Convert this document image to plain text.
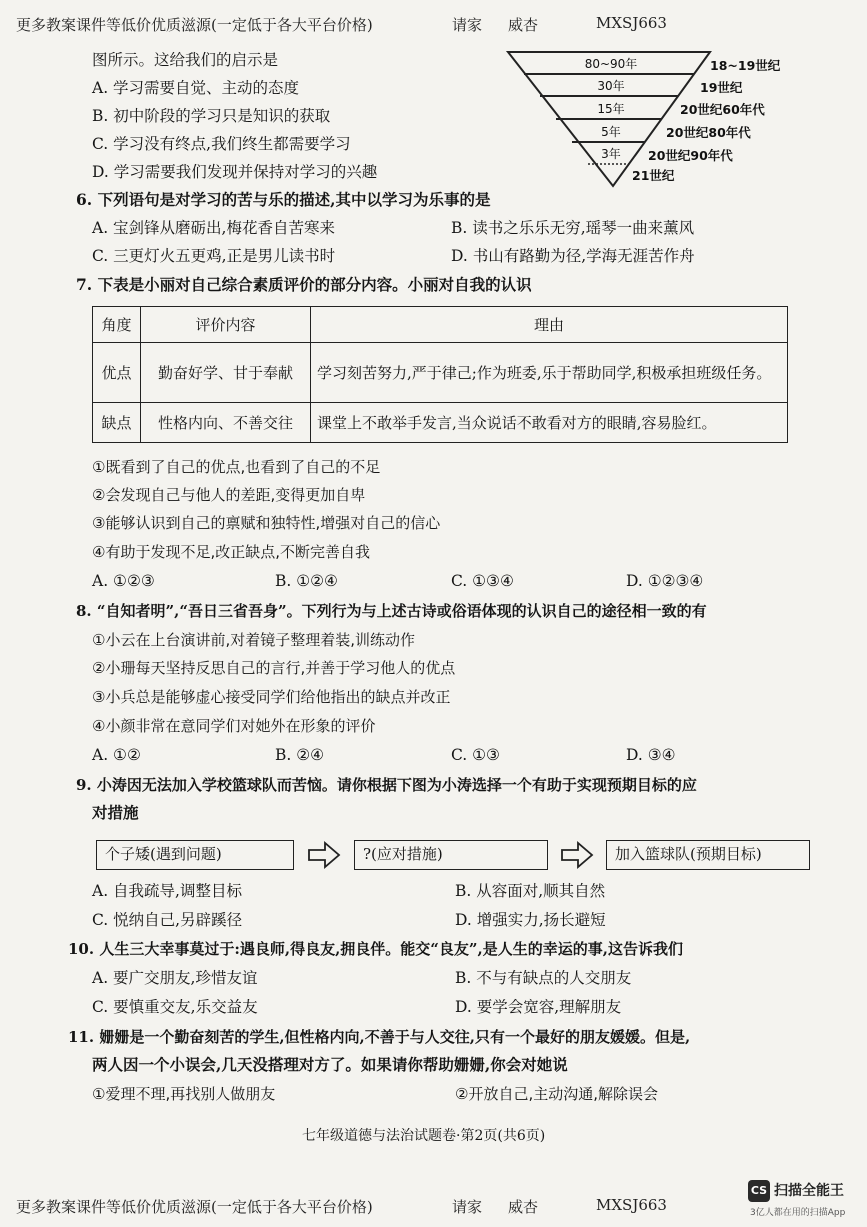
更多教案课件等低价优质滋源(一定低于各大平台价格)	请家 威杏	MXSJ663
图所示。这给我们的启示是
A. 学习需要自觉、主动的态度
B. 初中阶段的学习只是知识的获取
C. 学习没有终点,我们终生都需要学习
D. 学习需要我们发现并保持对学习的兴趣
80~90年
30年
15年
5年
3年
18~19世纪
19世纪
20世纪60年代
20世纪80年代
20世纪90年代
21世纪
6. 下列语句是对学习的苦与乐的描述,其中以学习为乐事的是
A. 宝剑锋从磨砺出,梅花香自苦寒来	B. 读书之乐乐无穷,瑶琴一曲来薰风
C. 三更灯火五更鸡,正是男儿读书时	D. 书山有路勤为径,学海无涯苦作舟
7. 下表是小丽对自己综合素质评价的部分内容。小丽对自我的认识
角度	评价内容	理由
优点	勤奋好学、甘于奉献	学习刻苦努力,严于律己;作为班委,乐于帮助同学,积极承担班级任务。
缺点	性格内向、不善交往	课堂上不敢举手发言,当众说话不敢看对方的眼睛,容易脸红。
①既看到了自己的优点,也看到了自己的不足
②会发现自己与他人的差距,变得更加自卑
③能够认识到自己的禀赋和独特性,增强对自己的信心
④有助于发现不足,改正缺点,不断完善自我
A. ①②③	B. ①②④	C. ①③④	D. ①②③④
8. “自知者明”,“吾日三省吾身”。下列行为与上述古诗或俗语体现的认识自己的途径相一致的有
①小云在上台演讲前,对着镜子整理着装,训练动作
②小珊每天坚持反思自己的言行,并善于学习他人的优点
③小兵总是能够虚心接受同学们给他指出的缺点并改正
④小颜非常在意同学们对她外在形象的评价
A. ①②	B. ②④	C. ①③	D. ③④
9. 小涛因无法加入学校篮球队而苦恼。请你根据下图为小涛选择一个有助于实现预期目标的应
对措施
个子矮(遇到问题)	?(应对措施)	加入篮球队(预期目标)
A. 自我疏导,调整目标	B. 从容面对,顺其自然
C. 悦纳自己,另辟蹊径	D. 增强实力,扬长避短
10. 人生三大幸事莫过于:遇良师,得良友,拥良伴。能交“良友”,是人生的幸运的事,这告诉我们
A. 要广交朋友,珍惜友谊	B. 不与有缺点的人交朋友
C. 要慎重交友,乐交益友	D. 要学会宽容,理解朋友
11. 姗姗是一个勤奋刻苦的学生,但性格内向,不善于与人交往,只有一个最好的朋友媛媛。但是,
两人因一个小误会,几天没搭理对方了。如果请你帮助姗姗,你会对她说
①爱理不理,再找别人做朋友	②开放自己,主动沟通,解除误会
七年级道德与法治试题卷·第2页(共6页)
更多教案课件等低价优质滋源(一定低于各大平台价格)	请家 威杏	MXSJ663
CS 扫描全能王
3亿人都在用的扫描App
